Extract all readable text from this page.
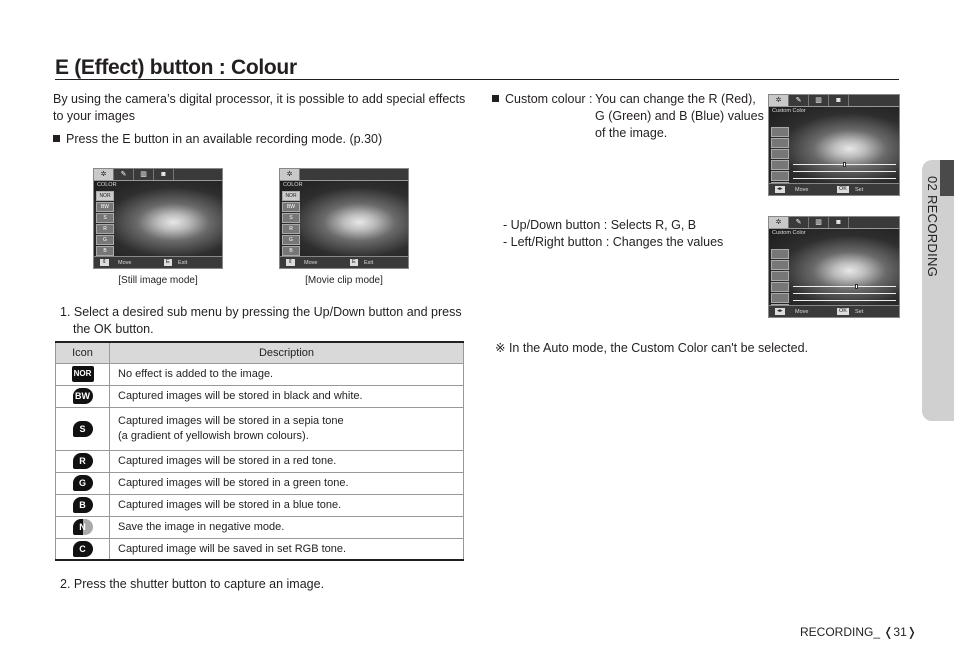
E (Effect) button : Colour
By using the camera’s digital processor, it is possible to add special effects to your images
Press the E button in an available recording mode. (p.30)
✲	✎	▥	◙
COLOR
NOR
BW
S
R
G
B
⇕	Move	E	Exit
[Still image mode]
✲
COLOR
NOR
BW
S
R
G
B
⇕	Move	E	Exit
[Movie clip mode]
1. Select a desired sub menu by pressing the Up/Down button and press the OK button.
Icon	Description
NOR	No effect is added to the image.
BW	Captured images will be stored in black and white.
S	Captured images will be stored in a sepia tone
(a gradient of yellowish brown colours).

R	Captured images will be stored in a red tone.
G	Captured images will be stored in a green tone.
B	Captured images will be stored in a blue tone.
N	Save the image in negative mode.
C	Captured image will be saved in set RGB tone.
2. Press the shutter button to capture an image.
Custom colour : You can change the R (Red),
G (Green) and B (Blue) values
of the image.
✲	✎	▥	◙
Custom Color
◂▸	Move	OK	Set
- Up/Down button : Selects R, G, B
- Left/Right button : Changes the values
✲	✎	▥	◙
Custom Color
◂▸	Move	OK	Set
※ In the Auto mode, the Custom Color can't be selected.
02 RECORDING
RECORDING_ ❬31❭
